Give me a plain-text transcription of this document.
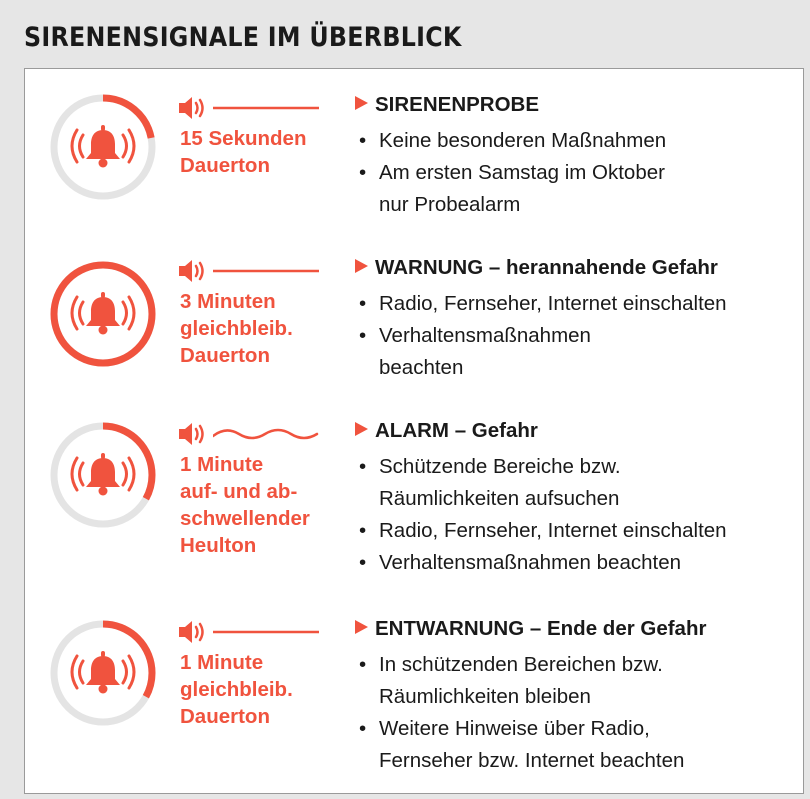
SIRENENSIGNALE IM ÜBERBLICK
15 Sekunden
Dauerton
SIRENENPROBE
• Keine besonderen Maßnahmen
• Am ersten Samstag im Oktober
nur Probealarm
3 Minuten
gleichbleib.
Dauerton
WARNUNG – herannahende Gefahr
• Radio, Fernseher, Internet einschalten
• Verhaltensmaßnahmen
beachten
1 Minute
auf- und ab-
schwellender
Heulton
ALARM – Gefahr
• Schützende Bereiche bzw.
Räumlichkeiten aufsuchen
• Radio, Fernseher, Internet einschalten
• Verhaltensmaßnahmen beachten
1 Minute
gleichbleib.
Dauerton
ENTWARNUNG – Ende der Gefahr
• In schützenden Bereichen bzw.
Räumlichkeiten bleiben
• Weitere Hinweise über Radio,
Fernseher bzw. Internet beachten
